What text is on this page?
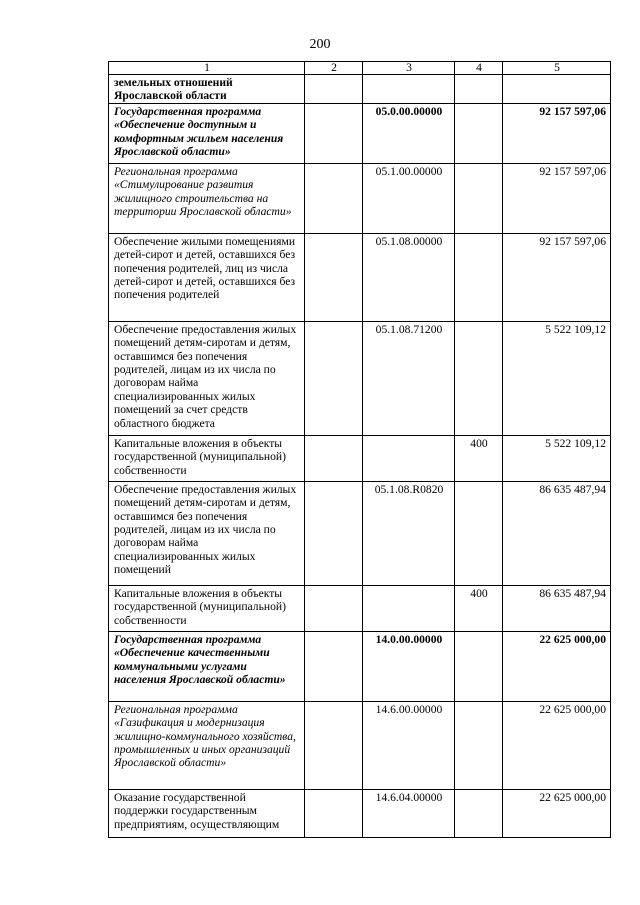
200
1	2	3	4	5
земельных отношений Ярославской области				
Государственная программа «Обеспечение доступным и комфортным жильем населения Ярославской области»		05.0.00.00000		92 157 597,06
Региональная программа «Стимулирование развития жилищного строительства на территории Ярославской области»		05.1.00.00000		92 157 597,06
Обеспечение жилыми помещениями детей-сирот и детей, оставшихся без попечения родителей, лиц из числа детей-сирот и детей, оставшихся без попечения родителей		05.1.08.00000		92 157 597,06
Обеспечение предоставления жилых помещений детям-сиротам и детям, оставшимся без попечения родителей, лицам из их числа по договорам найма специализированных жилых помещений за счет средств областного бюджета		05.1.08.71200		5 522 109,12
Капитальные вложения в объекты государственной (муниципальной) собственности			400	5 522 109,12
Обеспечение предоставления жилых помещений детям-сиротам и детям, оставшимся без попечения родителей, лицам из их числа по договорам найма специализированных жилых помещений		05.1.08.R0820		86 635 487,94
Капитальные вложения в объекты государственной (муниципальной) собственности			400	86 635 487,94
Государственная программа «Обеспечение качественными коммунальными услугами населения Ярославской области»		14.0.00.00000		22 625 000,00
Региональная программа «Газификация и модернизация жилищно-коммунального хозяйства, промышленных и иных организаций Ярославской области»		14.6.00.00000		22 625 000,00
Оказание государственной поддержки государственным предприятиям, осуществляющим		14.6.04.00000		22 625 000,00
